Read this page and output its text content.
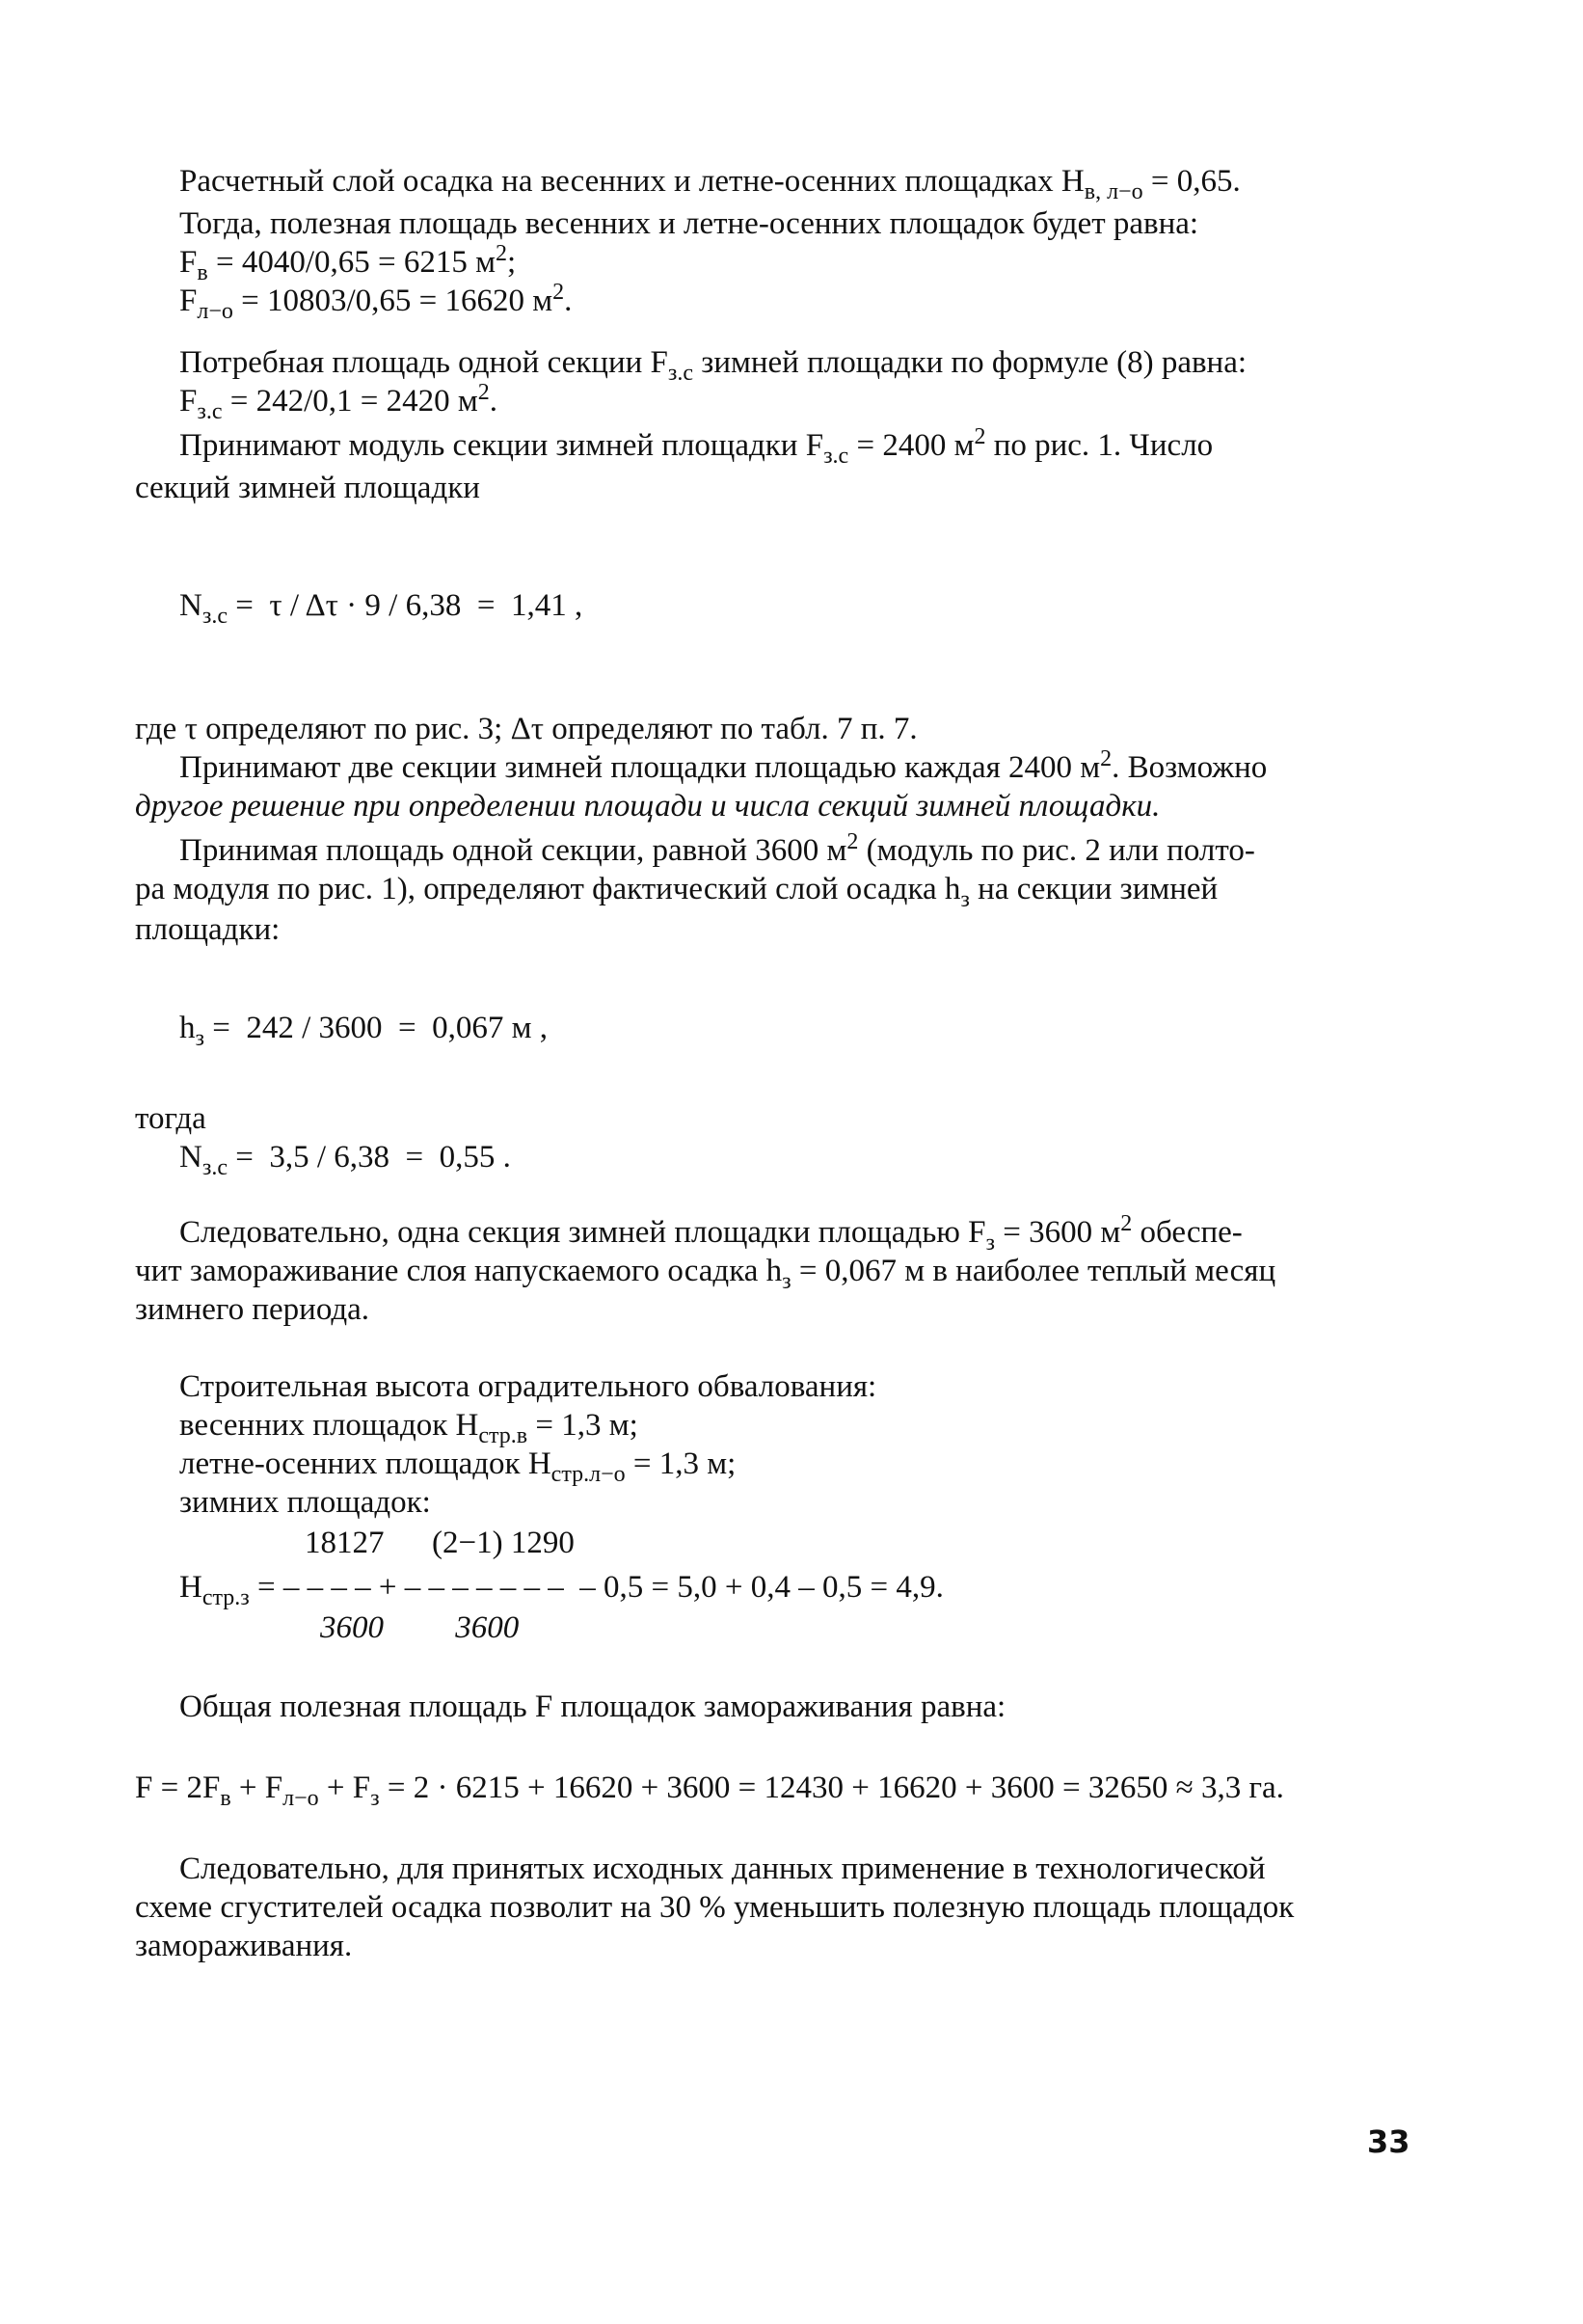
Расчетный слой осадка на весенних и летне-осенних площадках $Н_{в, л-о} = 0,65$.
Тогда, полезная площадь весенних и летне-осенних площадок будет равна:
$F_в = 4040/0,65 = 6215$ $м^2$;
$F_{л-о} = 10803/0,65 = 16620$ $м^2$.
Потребная площадь одной секции $F_{з.с}$ зимней площадки по формуле (8) равна:
$F_{з.с} = 242/0,1 = 2420$ $м^2$.
Принимают модуль секции зимней площадки $F_{з.с} = 2400$ $м^2$ по рис. 1. Число
секций зимней площадки
$N_{з.с} = \tau / \Delta\tau \cdot 9 / 6,38 = 1,41$ ,
где τ определяют по рис. 3; Δτ определяют по табл. 7 п. 7.
Принимают две секции зимней площадки площадью каждая 2400 $м^2$. Возможно
другое решение при определении площади и числа секций зимней площадки.
Принимая площадь одной секции, равной 3600 $м^2$ (модуль по рис. 2 или полто-
ра модуля по рис. 1), определяют фактический слой осадка $h_з$ на секции зимней
площадки:
$h_з = 242 / 3600 = 0,067$ м ,
тогда
$N_{з.с} = 3,5 / 6,38 = 0,55$ .
Следовательно, одна секция зимней площадки площадью $F_з = 3600$ $м^2$ обеспе-
чит замораживание слоя напускаемого осадка $h_з = 0,067$ м в наиболее теплый месяц
зимнего периода.
Строительная высота оградительного обвалования:
весенних площадок $Н_{стр.в} = 1,3$ м;
летне-осенних площадок $Н_{стр.л-о} = 1,3$ м;
зимних площадок:
18127      (2−1) 1290
$Н_{стр.з}$ = – – – – + – – – – – – –  – 0,5 = 5,0 + 0,4 – 0,5 = 4,9.
3600         3600
Общая полезная площадь F площадок замораживания равна:
$F = 2F_в + F_{л-о} + F_з = 2 \cdot 6215 + 16620 + 3600 = 12430 + 16620 + 3600 = 32650 \approx 3,3$ га.
Следовательно, для принятых исходных данных применение в технологической
схеме сгустителей осадка позволит на 30 % уменьшить полезную площадь площадок
замораживания.
33
